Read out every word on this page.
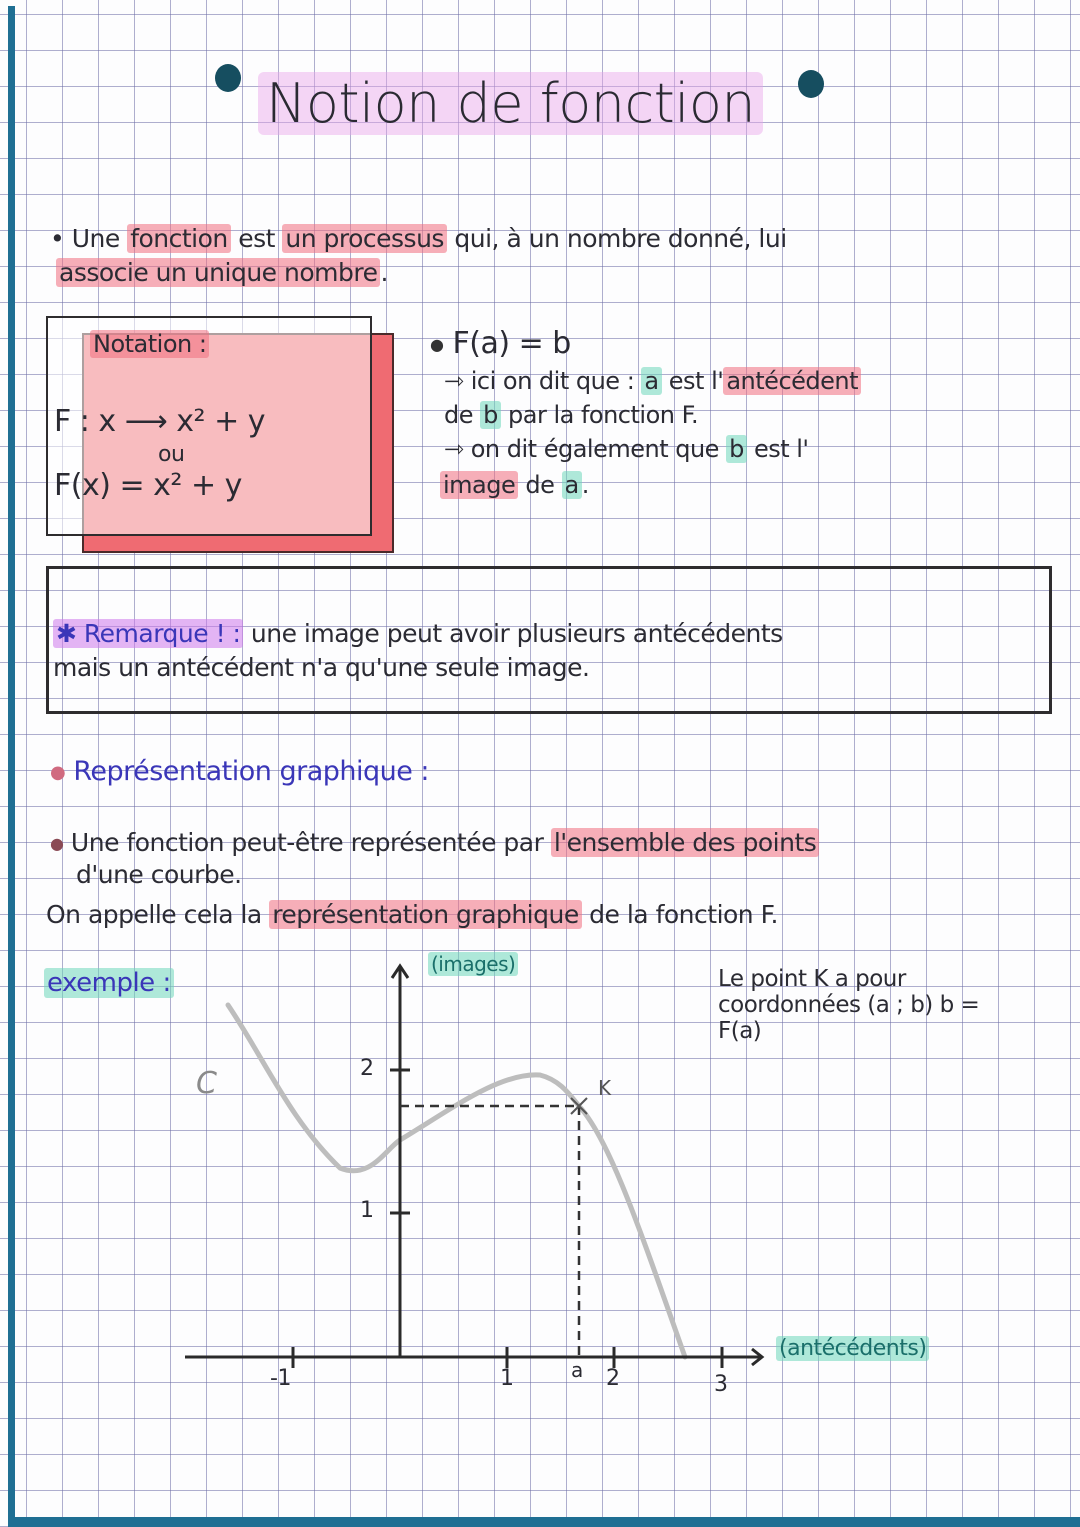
Notion de fonction
• Une fonction est un processus qui, à un nombre donné, lui
associe un unique nombre .
Notation :
F : x ⟶ x² + y
ou
F(x) = x² + y
● F(a) = b
⇾ ici on dit que : a est l' antécédent
de b par la fonction F.
⇾ on dit également que b est l'
image de a .
✱ Remarque ! : une image peut avoir plusieurs antécédents
mais un antécédent n'a qu'une seule image.
● Représentation graphique :
● Une fonction peut-être représentée par l'ensemble des points
d'une courbe.
On appelle cela la représentation graphique de la fonction F.
exemple :	Le point K a pour
coordonnées (a ; b) b =
F(a)
-1	1	a 2	3
1
2
(images)
(antécédents)
C	K
